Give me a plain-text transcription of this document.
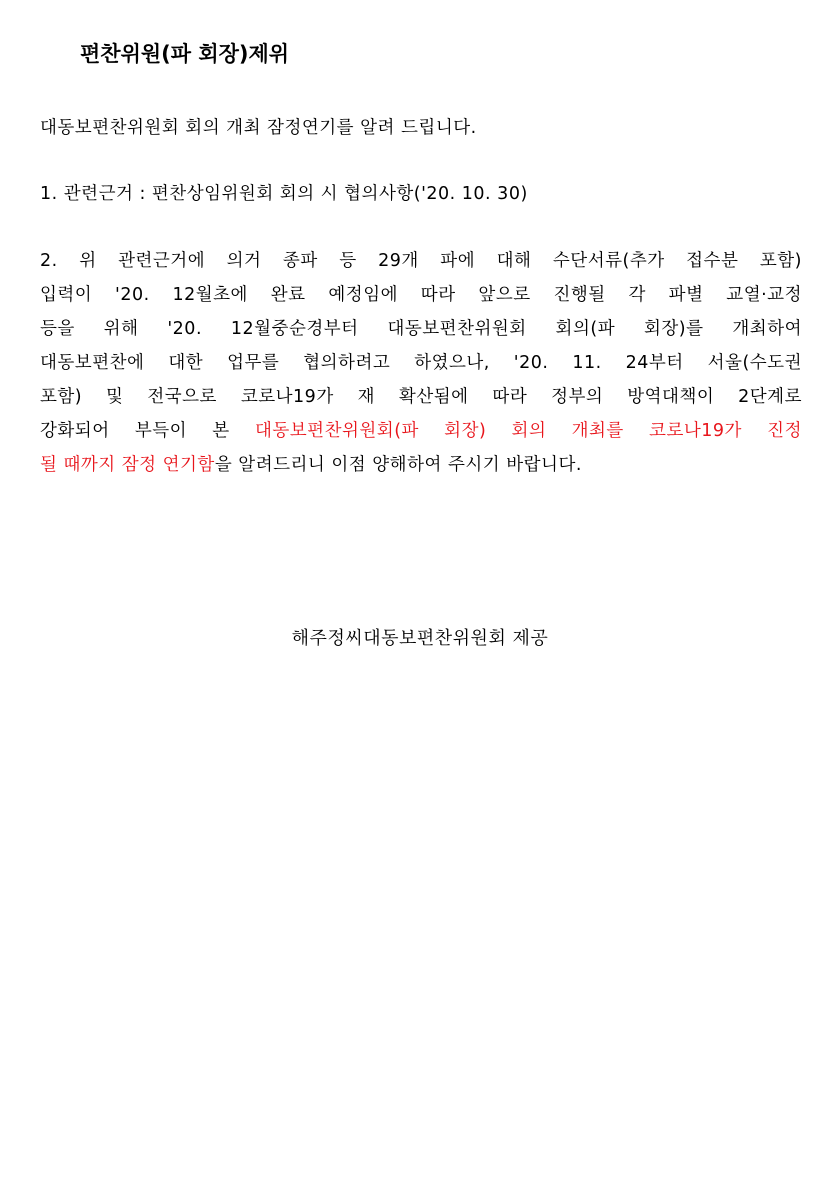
편찬위원(파 회장)제위
대동보편찬위원회 회의 개최 잠정연기를 알려 드립니다.
1. 관련근거 : 편찬상임위원회 회의 시 협의사항('20. 10. 30)
2. 위 관련근거에 의거 종파 등 29개 파에 대해 수단서류(추가 접수분 포함)
입력이 '20. 12월초에 완료 예정임에 따라 앞으로 진행될 각 파별 교열·교정
등을 위해 '20. 12월중순경부터 대동보편찬위원회 회의(파 회장)를 개최하여
대동보편찬에 대한 업무를 협의하려고 하였으나, '20. 11. 24부터 서울(수도권
포함) 및 전국으로 코로나19가 재 확산됨에 따라 정부의 방역대책이 2단계로
강화되어 부득이 본 대동보편찬위원회(파 회장) 회의 개최를 코로나19가 진정
될 때까지 잠정 연기함을 알려드리니 이점 양해하여 주시기 바랍니다.
해주정씨대동보편찬위원회 제공
